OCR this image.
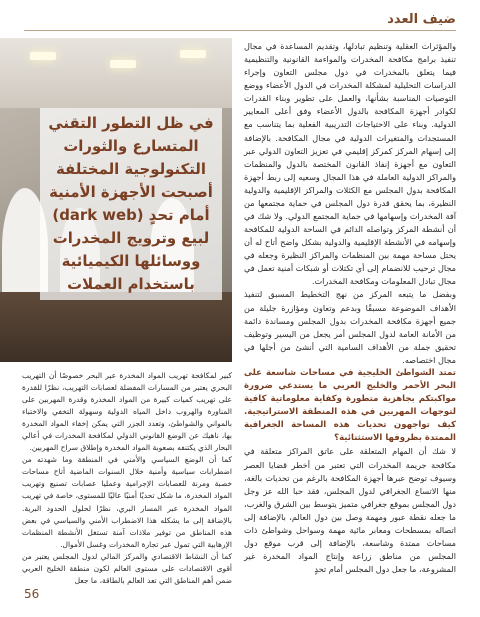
ضيف العدد
في ظل التطور التقني المتسارع والثورات التكنولوجية المختلفة أصبحت الأجهزة الأمنية أمام تحدٍ (dark web) لبيع وترويج المخدرات ووسائلها الكيميائية باستخدام العملات

والمؤثرات العقلية وتنظيم تبادلها، وتقديم المساعدة في مجال تنفيذ برامج مكافحة المخدرات والمواءمة القانونية والتنظيمية فيما يتعلق بالمخدرات في دول مجلس التعاون وإجراء الدراسات التحليلية لمشكلة المخدرات في الدول الأعضاء ووضع التوصيات المناسبة بشأنها، والعمل على تطوير وبناء القدرات لكوادر أجهزة المكافحة بالدول الأعضاء وفق أعلى المعايير الدولية. وبناء على الاحتياجات التدريبية الفعلية بما يتناسب مع المستجدات والمتغيرات الدولية في مجال المكافحة. بالإضافة إلى إسهام المركز كمركز إقليمي في تعزيز التعاون الدولي عبر التعاون مع أجهزة إنفاذ القانون المختصة بالدول والمنظمات والمراكز الدولية العاملة في هذا المجال وسعيه إلى ربط أجهزة المكافحة بدول المجلس مع الكثلات والمراكز الإقليمية والدولية النظيرة، بما يحقق قدرة دول المجلس في حماية مجتمعها من آفة المخدرات وإسهامها في حماية المجتمع الدولي. ولا شك في أن أنشطة المركز وتواصله الدائم في الساحة الدولية للمكافحة وإسهامه في الأنشطة الإقليمية والدولية بشكل واضح أتاح له أن يحتل مساحة مهمة بين المنظمات والمراكز النظيرة وجعله في مجال ترحيب للانضمام إلى أي تكتلات أو شبكات أمنية تعمل في مجال تبادل المعلومات ومكافحة المخدرات.

وبفضل ما يتبعه المركز من نهج التخطيط المسبق لتنفيذ الأهداف الموضوعة مسبقًا وبدعم وتعاون ومؤازرة جليلة من جميع أجهزة مكافحة المخدرات بدول المجلس ومساندة دائمة من الأمانة العامة لدول المجلس أمر يجعل من اليسير وتوظيف تحقيق جملة من الأهداف السامية التي أنشئ من أجلها في مجال اختصاصه.

تمتد الشواطئ الخليجية في مساحات شاسعة على البحر الأحمر والخليج العربي ما يستدعي ضرورة مواكبتكم بجاهزية متطورة وكفاية معلوماتية كافية لتوجهات المهربين في هذه المنطقة الاستراتيجية. كيف تواجهون تحديات هذه المساحة الجغرافية الممتدة بظروفها الاستثنائية؟

لا شك أن المهام المتعلقة على عاتق المراكز متعلقة في مكافحة جريمة المخدرات التي تعتبر من أخطر قضايا العصر وسيوف توضح عبرها أجهزة المكافحة بالرغم من تحديات بالغة، منها الاتساع الجغرافي لدول المجلس، فقد حبا الله عز وجل دول المجلس بموقع جغرافي متميز يتوسط بين الشرق والغرب، ما جعله نقطة عبور ومهمة وصل بين دول العالم، بالإضافة إلى اتصاله بمسطحات ومعابر مائية مهمة وسواحل وشواطئ ذات مساحات ممتدة وشاسعة، بالإضافة إلى قرب موقع دول المجلس من مناطق زراعة وإنتاج المواد المخدرة غير المشروعة، ما جعل دول المجلس أمام تحدٍ

كبير لمكافحة تهريب المواد المخدرة عبر البحر خصوصًا أن التهريب البحري يعتبر من المسارات المفضلة لعصابات التهريب، نظرًا للقدرة على تهريب كميات كبيرة من المواد المخدرة وقدرة المهربين على المناورة والهروب داخل المياه الدولية وسهولة التخفي والاختباء بالمواني والشواطئ، وتعدد الجزر التي يمكن إخفاء المواد المخدرة بها، ناهيك عن الوضع القانوني الدولي لمكافحة المخدرات في أعالي البحار الذي يكتنفه بصعوبة المواد المخدرة وإطلاق سراح المهربين.

كما أن الوضع السياسي والأمني في المنطقة وما شهدته من اضطرابات سياسية وأمنية خلال السنوات الماضية أتاح مساحات خصبة ومرنة للعصابات الإجرامية وعمليا عصابات تصنيع وتهريب المواد المخدرة، ما شكل تحديًا أمنيًا عاليًا للمستوى، خاصة في تهريب المواد المخدرة عبر المسار البري، نظرًا لحلول الحدود البرية. بالإضافة إلى ما يشكله هذا الاضطراب الأمني والسياسي في بعض هذه المناطق من توفير ملاذات آمنة تستغل الأنشطة المنظمات الإرهابية التي تمول عبر تجارة المخدرات وغسل الأموال.

كما أن النشاط الاقتصادي والمركز المالي لدول المجلس يعتبر من أقوى الاقتصادات على مستوى العالم لكون منطقة الخليج العربي ضمن أهم المناطق التي تعد العالم بالطاقة، ما جعل

56
